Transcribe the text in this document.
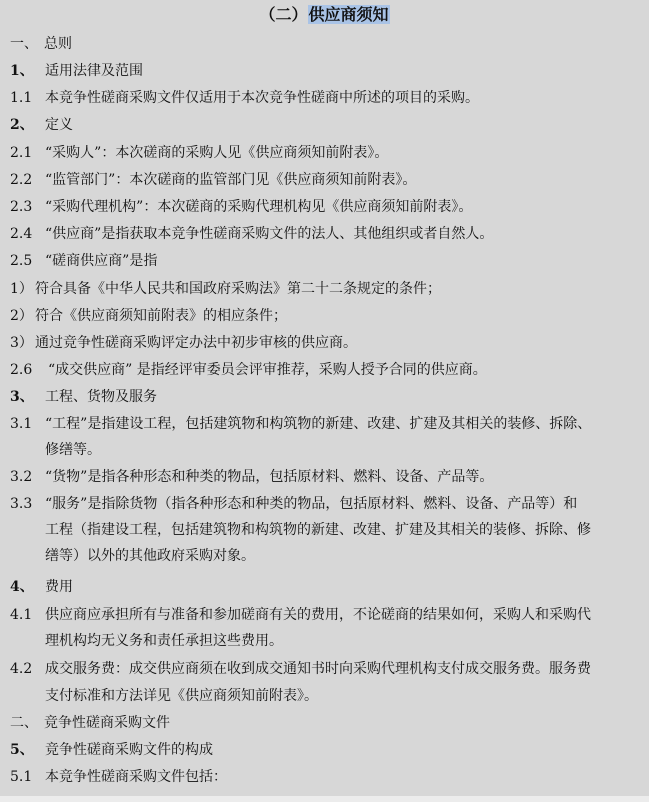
（二）供应商须知
一、 总则
1、 适用法律及范围
1.1 本竞争性磋商采购文件仅适用于本次竞争性磋商中所述的项目的采购。
2、 定义
2.1 “采购人”：本次磋商的采购人见《供应商须知前附表》。
2.2 “监管部门”：本次磋商的监管部门见《供应商须知前附表》。
2.3 “采购代理机构”：本次磋商的采购代理机构见《供应商须知前附表》。
2.4 “供应商”是指获取本竞争性磋商采购文件的法人、其他组织或者自然人。
2.5 “磋商供应商”是指
1） 符合具备《中华人民共和国政府采购法》第二十二条规定的条件；
2） 符合《供应商须知前附表》的相应条件；
3） 通过竞争性磋商采购评定办法中初步审核的供应商。
2.6 “成交供应商” 是指经评审委员会评审推荐，采购人授予合同的供应商。
3、 工程、货物及服务
3.1 “工程”是指建设工程，包括建筑物和构筑物的新建、改建、扩建及其相关的装修、拆除、
修缮等。
3.2 “货物”是指各种形态和种类的物品，包括原材料、燃料、设备、产品等。
3.3 “服务”是指除货物（指各种形态和种类的物品，包括原材料、燃料、设备、产品等）和
工程（指建设工程，包括建筑物和构筑物的新建、改建、扩建及其相关的装修、拆除、修
缮等）以外的其他政府采购对象。
4、 费用
4.1 供应商应承担所有与准备和参加磋商有关的费用，不论磋商的结果如何，采购人和采购代
理机构均无义务和责任承担这些费用。
4.2 成交服务费：成交供应商须在收到成交通知书时向采购代理机构支付成交服务费。服务费
支付标准和方法详见《供应商须知前附表》。
二、 竞争性磋商采购文件
5、 竞争性磋商采购文件的构成
5.1 本竞争性磋商采购文件包括：
